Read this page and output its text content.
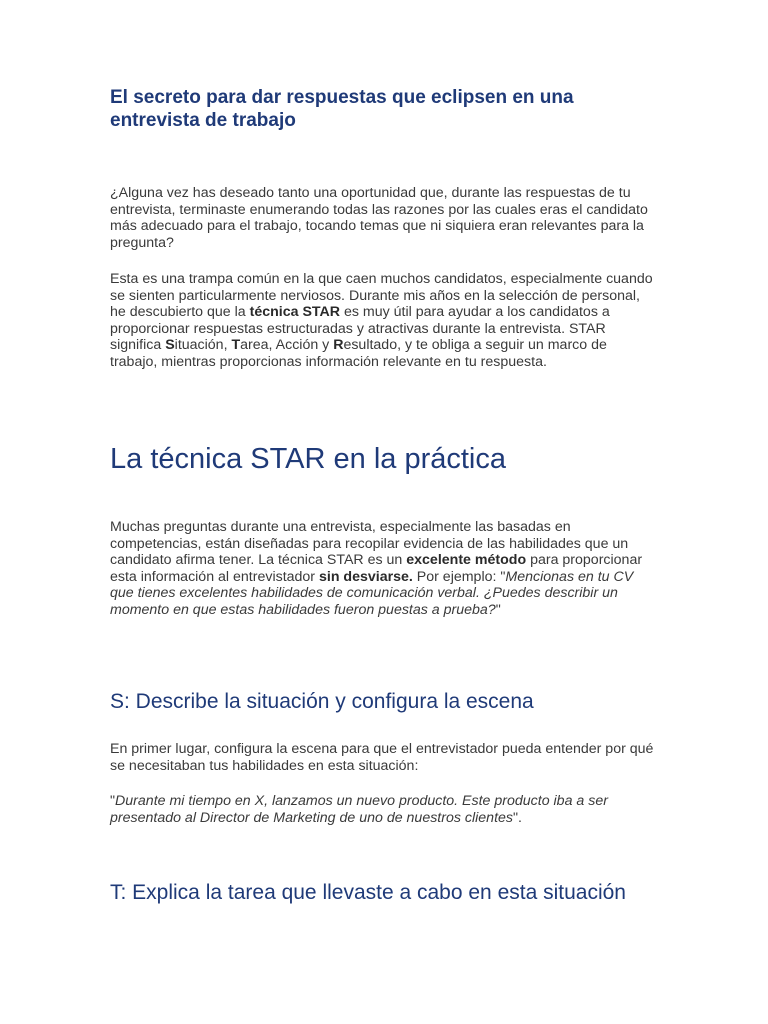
El secreto para dar respuestas que eclipsen en una entrevista de trabajo

¿Alguna vez has deseado tanto una oportunidad que, durante las respuestas de tu entrevista, terminaste enumerando todas las razones por las cuales eras el candidato más adecuado para el trabajo, tocando temas que ni siquiera eran relevantes para la pregunta?

Esta es una trampa común en la que caen muchos candidatos, especialmente cuando se sienten particularmente nerviosos. Durante mis años en la selección de personal, he descubierto que la técnica STAR es muy útil para ayudar a los candidatos a proporcionar respuestas estructuradas y atractivas durante la entrevista. STAR significa Situación, Tarea, Acción y Resultado, y te obliga a seguir un marco de trabajo, mientras proporcionas información relevante en tu respuesta.

La técnica STAR en la práctica

Muchas preguntas durante una entrevista, especialmente las basadas en competencias, están diseñadas para recopilar evidencia de las habilidades que un candidato afirma tener. La técnica STAR es un excelente método para proporcionar esta información al entrevistador sin desviarse. Por ejemplo: "Mencionas en tu CV que tienes excelentes habilidades de comunicación verbal. ¿Puedes describir un momento en que estas habilidades fueron puestas a prueba?"

S: Describe la situación y configura la escena

En primer lugar, configura la escena para que el entrevistador pueda entender por qué se necesitaban tus habilidades en esta situación:

"Durante mi tiempo en X, lanzamos un nuevo producto. Este producto iba a ser presentado al Director de Marketing de uno de nuestros clientes".

T: Explica la tarea que llevaste a cabo en esta situación
